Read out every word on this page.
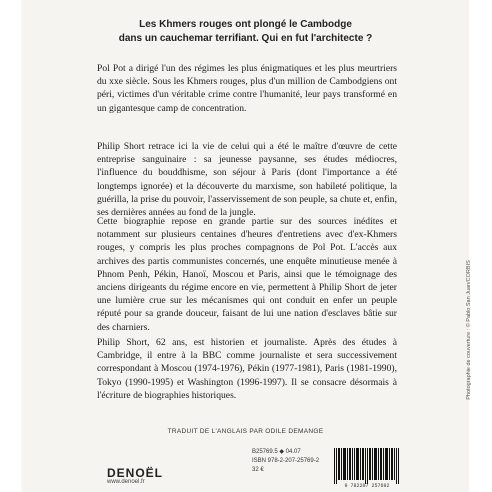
Les Khmers rouges ont plongé le Cambodge
dans un cauchemar terrifiant. Qui en fut l'architecte ?

Pol Pot a dirigé l'un des régimes les plus énigmatiques et les plus meurtriers du xxe siècle. Sous les Khmers rouges, plus d'un million de Cambodgiens ont péri, victimes d'un véritable crime contre l'humanité, leur pays transformé en un gigantesque camp de concentration.

Philip Short retrace ici la vie de celui qui a été le maître d'œuvre de cette entreprise sanguinaire : sa jeunesse paysanne, ses études médiocres, l'influence du bouddhisme, son séjour à Paris (dont l'importance a été longtemps ignorée) et la découverte du marxisme, son habileté politique, la guérilla, la prise du pouvoir, l'asservissement de son peuple, sa chute et, enfin, ses dernières années au fond de la jungle.

Cette biographie repose en grande partie sur des sources inédites et notamment sur plusieurs centaines d'heures d'entretiens avec d'ex-Khmers rouges, y compris les plus proches compagnons de Pol Pot. L'accès aux archives des partis communistes concernés, une enquête minutieuse menée à Phnom Penh, Pékin, Hanoï, Moscou et Paris, ainsi que le témoignage des anciens dirigeants du régime encore en vie, permettent à Philip Short de jeter une lumière crue sur les mécanismes qui ont conduit en enfer un peuple réputé pour sa grande douceur, faisant de lui une nation d'esclaves bâtie sur des charniers.

Philip Short, 62 ans, est historien et journaliste. Après des études à Cambridge, il entre à la BBC comme journaliste et sera successivement correspondant à Moscou (1974-1976), Pékin (1977-1981), Paris (1981-1990), Tokyo (1990-1995) et Washington (1996-1997). Il se consacre désormais à l'écriture de biographies historiques.

TRADUIT DE L'ANGLAIS PAR ODILE DEMANGE
DENOËL
www.denoel.fr
B25769.5 ◆ 04.07
ISBN 978-2-207-25769-2
32 €
9 782207 257692
Photographie de couverture : © Pablo San Juan/CORBIS
